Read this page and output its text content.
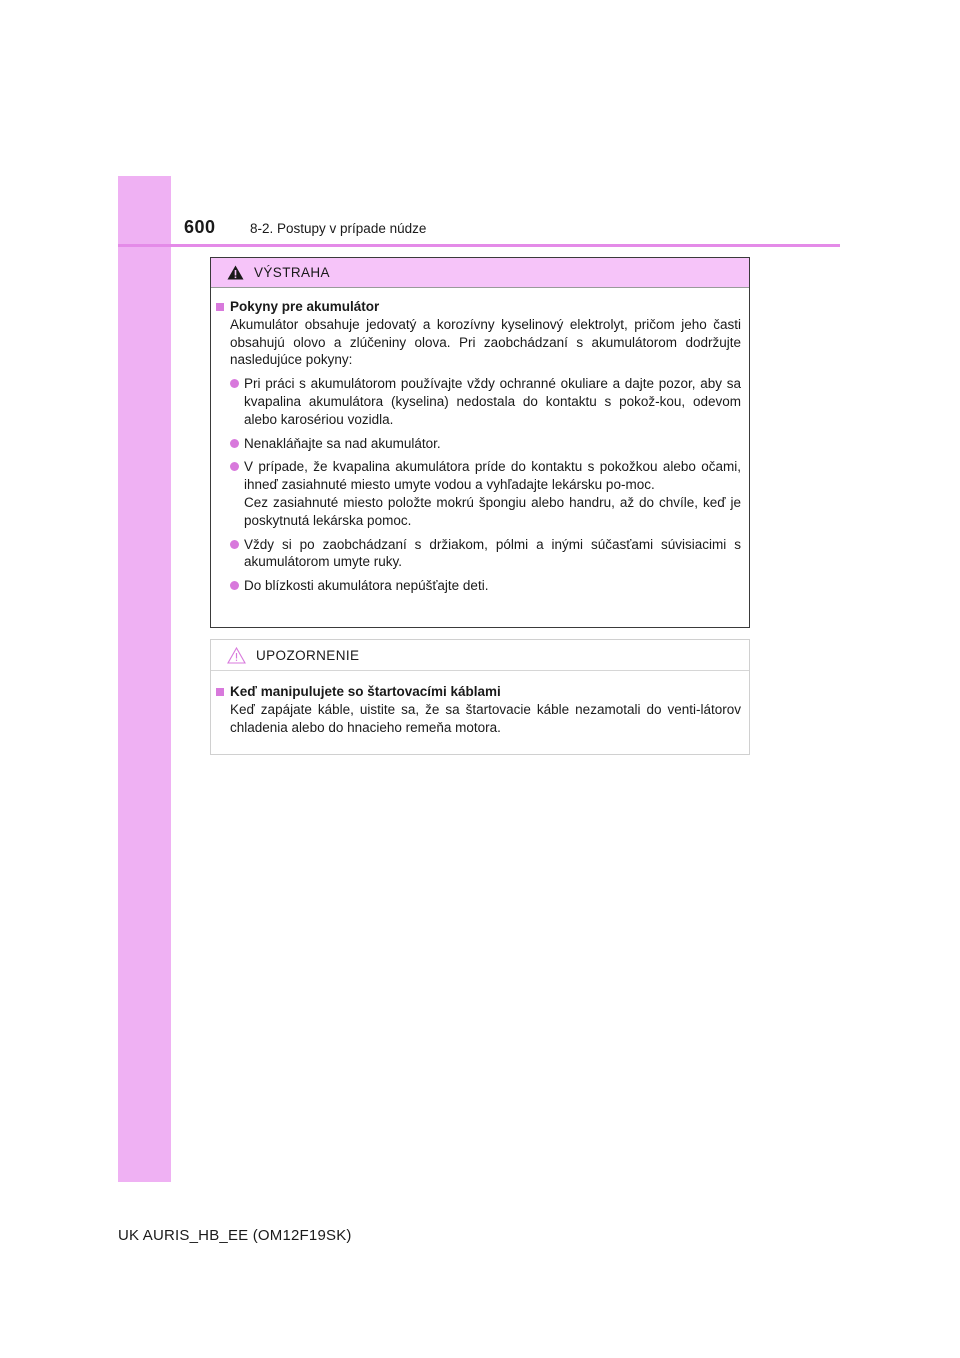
600	8-2. Postupy v prípade núdze
VÝSTRAHA
Pokyny pre akumulátor
Akumulátor obsahuje jedovatý a korozívny kyselinový elektrolyt, pričom jeho časti obsahujú olovo a zlúčeniny olova. Pri zaobchádzaní s akumulátorom dodržujte nasledujúce pokyny:
Pri práci s akumulátorom používajte vždy ochranné okuliare a dajte pozor, aby sa kvapalina akumulátora (kyselina) nedostala do kontaktu s pokož-kou, odevom alebo karosériou vozidla.
Nenakláňajte sa nad akumulátor.
V prípade, že kvapalina akumulátora príde do kontaktu s pokožkou alebo očami, ihneď zasiahnuté miesto umyte vodou a vyhľadajte lekársku po-moc.
Cez zasiahnuté miesto položte mokrú špongiu alebo handru, až do chvíle, keď je poskytnutá lekárska pomoc.
Vždy si po zaobchádzaní s držiakom, pólmi a inými súčasťami súvisiacimi s akumulátorom umyte ruky.
Do blízkosti akumulátora nepúšťajte deti.
UPOZORNENIE
Keď manipulujete so štartovacími káblami
Keď zapájate káble, uistite sa, že sa štartovacie káble nezamotali do venti-látorov chladenia alebo do hnacieho remeňa motora.
UK AURIS_HB_EE (OM12F19SK)
